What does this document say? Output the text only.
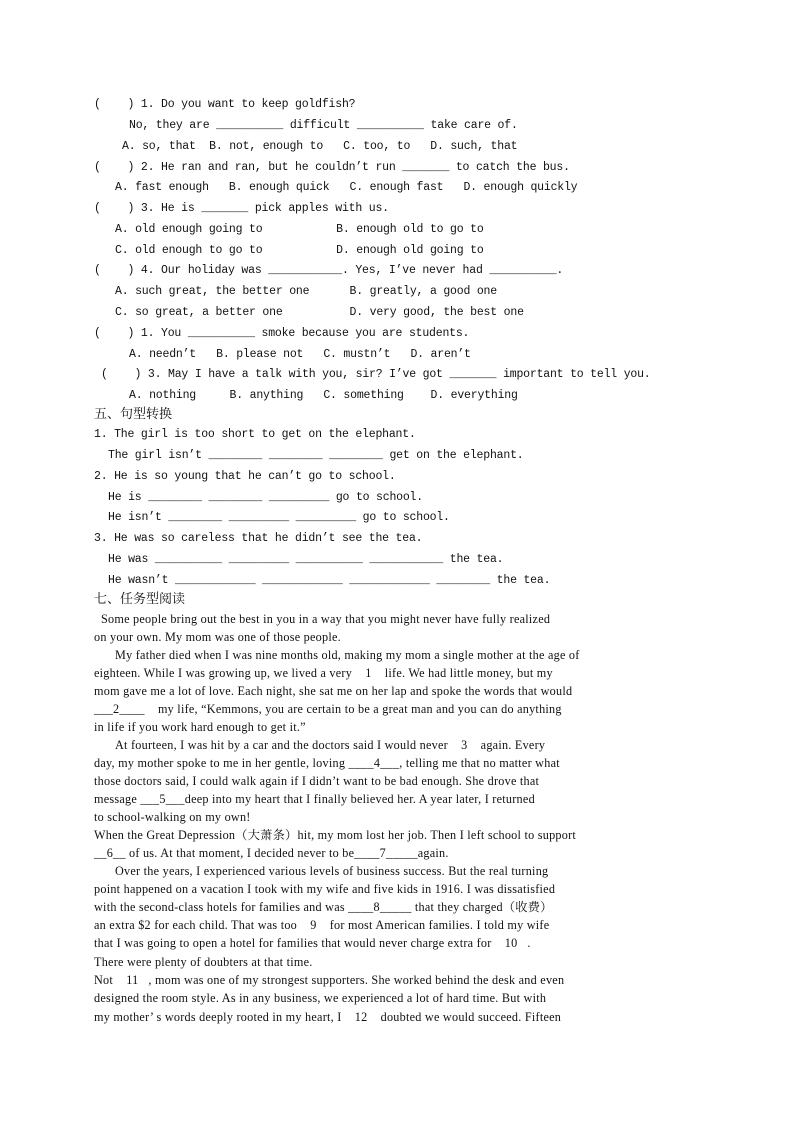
(    ) 1. Do you want to keep goldfish?
No, they are __________ difficult __________ take care of.
A. so, that  B. not, enough to   C. too, to   D. such, that
(    ) 2. He ran and ran, but he couldn’t run _______ to catch the bus.
A. fast enough   B. enough quick   C. enough fast   D. enough quickly
(    ) 3. He is _______ pick apples with us.
A. old enough going to           B. enough old to go to
C. old enough to go to           D. enough old going to
(    ) 4. Our holiday was ___________. Yes, I’ve never had __________.
A. such great, the better one      B. greatly, a good one
C. so great, a better one          D. very good, the best one
(    ) 1. You __________ smoke because you are students.
A. needn’t   B. please not   C. mustn’t   D. aren’t
(    ) 3. May I have a talk with you, sir? I’ve got _______ important to tell you.
A. nothing     B. anything   C. something    D. everything
五、句型转换
1. The girl is too short to get on the elephant.
The girl isn’t ________ ________ ________ get on the elephant.
2. He is so young that he can’t go to school.
He is ________ ________ _________ go to school.
He isn’t ________ _________ _________ go to school.
3. He was so careless that he didn’t see the tea.
He was __________ _________ __________ ___________ the tea.
He wasn’t ____________ ____________ ____________ ________ the tea.
七、任务型阅读
Some people bring out the best in you in a way that you might never have fully realized
on your own. My mom was one of those people.
My father died when I was nine months old, making my mom a single mother at the age of
eighteen. While I was growing up, we lived a very    1    life. We had little money, but my
mom gave me a lot of love. Each night, she sat me on her lap and spoke the words that would
___2____    my life, “Kemmons, you are certain to be a great man and you can do anything
in life if you work hard enough to get it.”
At fourteen, I was hit by a car and the doctors said I would never    3    again. Every
day, my mother spoke to me in her gentle, loving ____4___, telling me that no matter what
those doctors said, I could walk again if I didn’t want to be bad enough. She drove that
message ___5___deep into my heart that I finally believed her. A year later, I returned
to school-walking on my own!
When the Great Depression（大萧条）hit, my mom lost her job. Then I left school to support
__6__ of us. At that moment, I decided never to be____7_____again.
Over the years, I experienced various levels of business success. But the real turning
point happened on a vacation I took with my wife and five kids in 1916. I was dissatisfied
with the second-class hotels for families and was ____8_____ that they charged（收费）
an extra $2 for each child. That was too    9    for most American families. I told my wife
that I was going to open a hotel for families that would never charge extra for    10   .
There were plenty of doubters at that time.
Not    11   , mom was one of my strongest supporters. She worked behind the desk and even
designed the room style. As in any business, we experienced a lot of hard time. But with
my mother’ s words deeply rooted in my heart, I    12    doubted we would succeed. Fifteen
